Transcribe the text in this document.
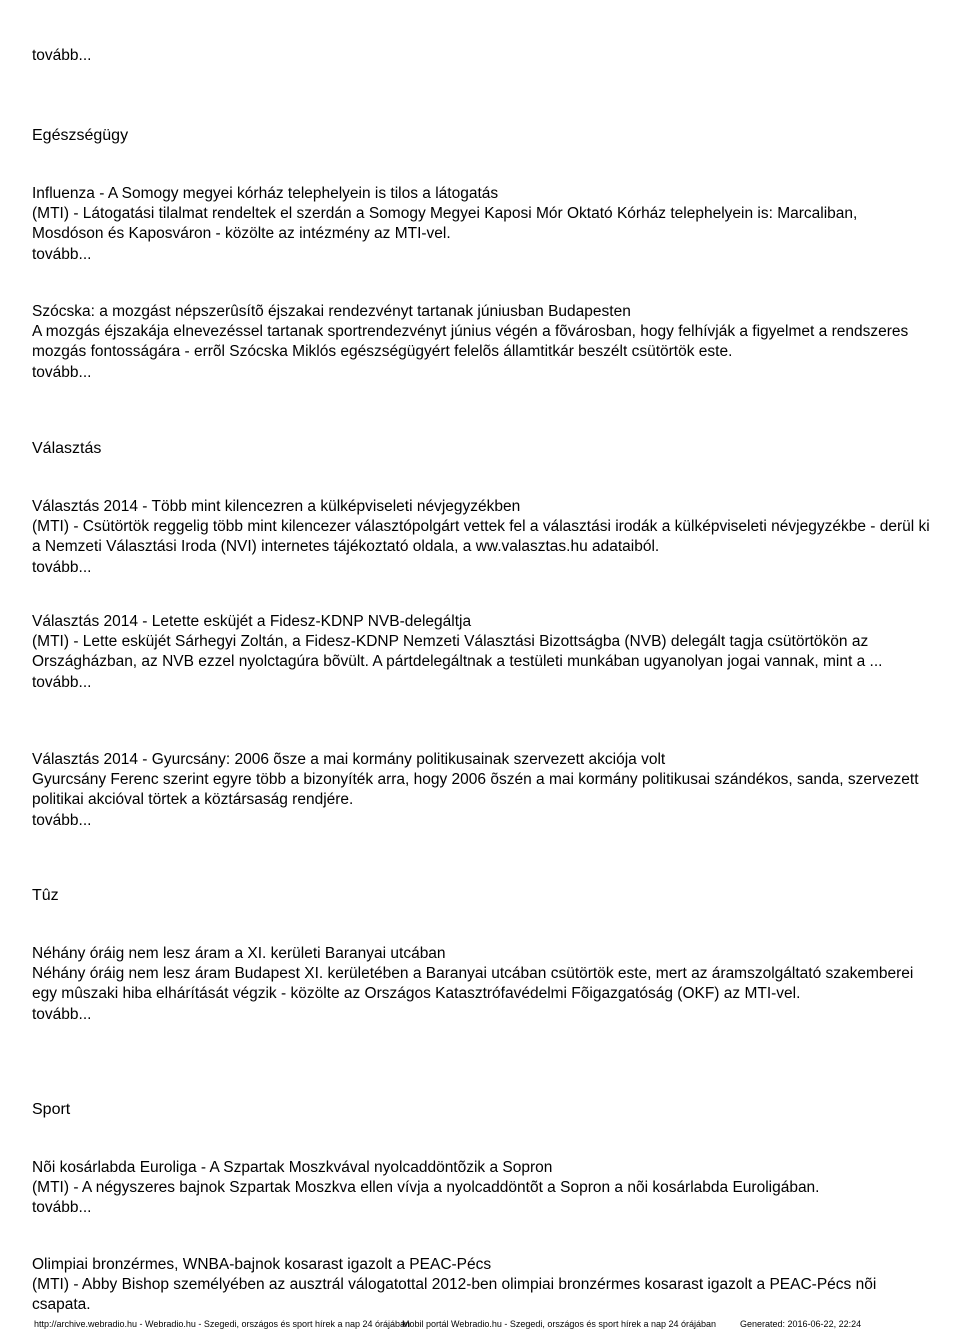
tovább...
Egészségügy
Influenza - A Somogy megyei kórház telephelyein is tilos a látogatás
(MTI) - Látogatási tilalmat rendeltek el szerdán a Somogy Megyei Kaposi Mór Oktató Kórház telephelyein is: Marcaliban, Mosdóson és Kaposváron - közölte az intézmény az MTI-vel.
tovább...
Szócska: a mozgást népszerûsítõ éjszakai rendezvényt tartanak júniusban Budapesten
A mozgás éjszakája elnevezéssel tartanak sportrendezvényt június végén a fõvárosban, hogy felhívják a figyelmet a rendszeres mozgás fontosságára - errõl Szócska Miklós egészségügyért felelõs államtitkár beszélt csütörtök este.
tovább...
Választás
Választás 2014 - Több mint kilencezren a külképviseleti névjegyzékben
(MTI) - Csütörtök reggelig több mint kilencezer választópolgárt vettek fel a választási irodák a külképviseleti névjegyzékbe - derül ki a Nemzeti Választási Iroda (NVI) internetes tájékoztató oldala, a ww.valasztas.hu adataiból.
tovább...
Választás 2014 - Letette esküjét a Fidesz-KDNP NVB-delegáltja
(MTI) - Lette esküjét Sárhegyi Zoltán, a Fidesz-KDNP Nemzeti Választási Bizottságba (NVB) delegált tagja csütörtökön az Országházban, az NVB ezzel nyolctagúra bõvült. A pártdelegáltnak a testületi munkában ugyanolyan jogai vannak, mint a ...
tovább...
Választás 2014 - Gyurcsány: 2006 õsze a mai kormány politikusainak szervezett akciója volt
Gyurcsány Ferenc szerint egyre több a bizonyíték arra, hogy 2006 õszén a mai kormány politikusai szándékos, sanda, szervezett politikai akcióval törtek a köztársaság rendjére.
tovább...
Tûz
Néhány óráig nem lesz áram a XI. kerületi Baranyai utcában
Néhány óráig nem lesz áram Budapest XI. kerületében a Baranyai utcában csütörtök este, mert az áramszolgáltató szakemberei egy mûszaki hiba elhárítását végzik - közölte az Országos Katasztrófavédelmi Fõigazgatóság (OKF) az MTI-vel.
tovább...
Sport
Nõi kosárlabda Euroliga - A Szpartak Moszkvával nyolcaddöntõzik a Sopron
(MTI) - A négyszeres bajnok Szpartak Moszkva ellen vívja a nyolcaddöntõt a Sopron a nõi kosárlabda Euroligában.
tovább...
Olimpiai bronzérmes, WNBA-bajnok kosarast igazolt a PEAC-Pécs
(MTI) - Abby Bishop személyében az ausztrál válogatottal 2012-ben olimpiai bronzérmes kosarast igazolt a PEAC-Pécs nõi csapata.
http://archive.webradio.hu - Webradio.hu - Szegedi, országos és sport hírek a nap 24 órájában
Mobil portál Webradio.hu - Szegedi, országos és sport hírek a nap 24 órájában	Generated: 2016-06-22, 22:24
